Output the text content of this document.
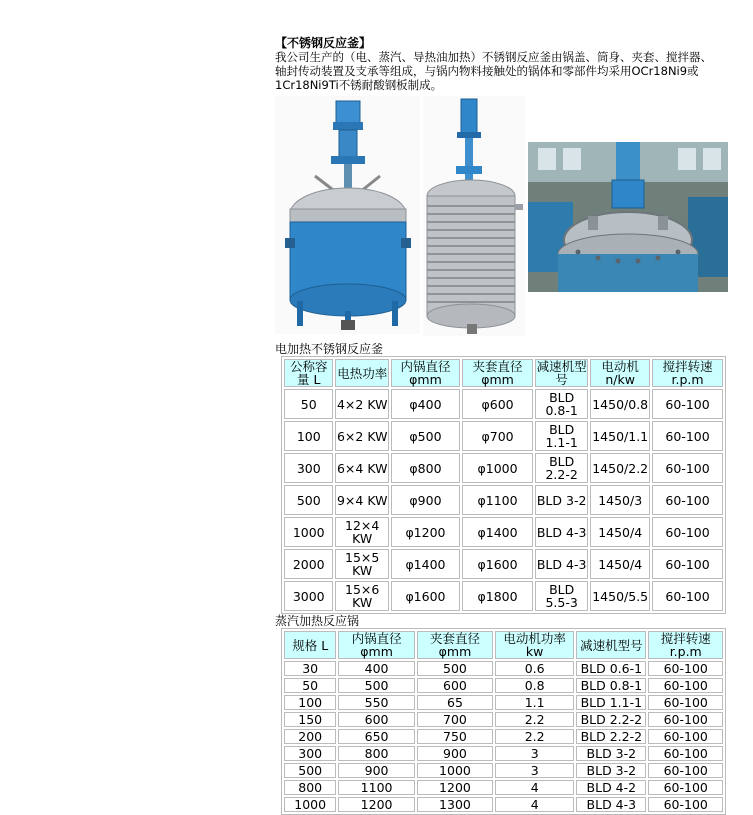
【不锈钢反应釜】
我公司生产的（电、蒸汽、导热油加热）不锈钢反应釜由锅盖、筒身、夹套、搅拌器、轴封传动装置及支承等组成，与锅内物料接触处的锅体和零部件均采用OCr18Ni9或1Cr18Ni9Ti不锈耐酸钢板制成。
电加热不锈钢反应釜
公称容量 L	电热功率	内锅直径 φmm	夹套直径 φmm	减速机型号	电动机 n/kw	搅拌转速 r.p.m
50	4×2 KW	φ400	φ600	BLD 0.8-1	1450/0.8	60-100
100	6×2 KW	φ500	φ700	BLD 1.1-1	1450/1.1	60-100
300	6×4 KW	φ800	φ1000	BLD 2.2-2	1450/2.2	60-100
500	9×4 KW	φ900	φ1100	BLD 3-2	1450/3	60-100
1000	12×4 KW	φ1200	φ1400	BLD 4-3	1450/4	60-100
2000	15×5 KW	φ1400	φ1600	BLD 4-3	1450/4	60-100
3000	15×6 KW	φ1600	φ1800	BLD 5.5-3	1450/5.5	60-100
蒸汽加热反应锅
规格 L	内锅直径 φmm	夹套直径 φmm	电动机功率 kw	减速机型号	搅拌转速 r.p.m
30	400	500	0.6	BLD 0.6-1	60-100
50	500	600	0.8	BLD 0.8-1	60-100
100	550	65	1.1	BLD 1.1-1	60-100
150	600	700	2.2	BLD 2.2-2	60-100
200	650	750	2.2	BLD 2.2-2	60-100
300	800	900	3	BLD 3-2	60-100
500	900	1000	3	BLD 3-2	60-100
800	1100	1200	4	BLD 4-2	60-100
1000	1200	1300	4	BLD 4-3	60-100
